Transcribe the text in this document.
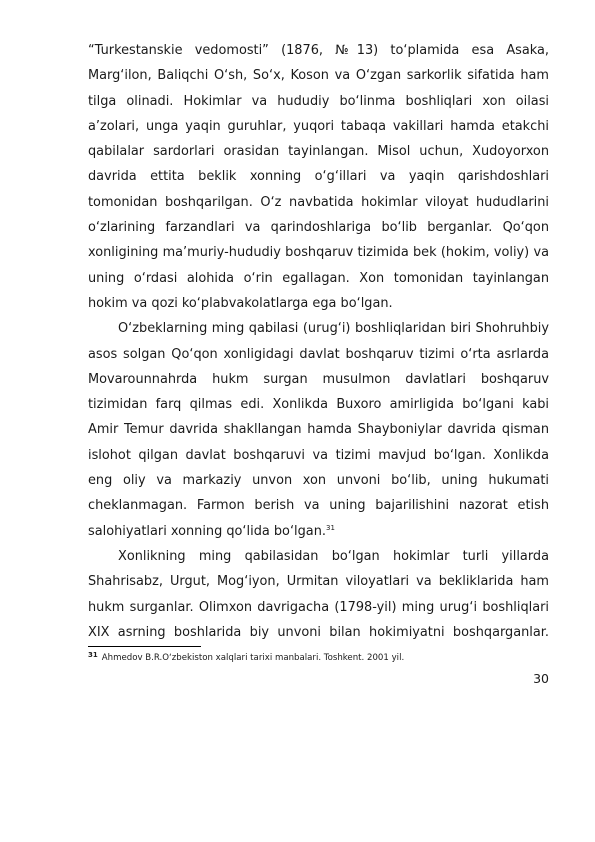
“Turkestanskie vedomosti” (1876, №13) to‘plamida esa Asaka, Marg‘ilon, Baliqchi O‘sh, So‘x, Koson va O‘zgan sarkorlik sifatida ham tilga olinadi. Hokimlar va hududiy bo‘linma boshliqlari xon oilasi a’zolari, unga yaqin guruhlar, yuqori tabaqa vakillari hamda etakchi qabilalar sardorlari orasidan tayinlangan. Misol uchun, Xudoyorxon davrida ettita beklik xonning o‘g‘illari va yaqin qarishdoshlari tomonidan boshqarilgan. O‘z navbatida hokimlar viloyat hududlarini o‘zlarining farzandlari va qarindoshlariga bo‘lib berganlar. Qo‘qon xonligining ma’muriy-hududiy boshqaruv tizimida bek (hokim, voliy) va uning o‘rdasi alohida o‘rin egallagan. Xon tomonidan tayinlangan hokim va qozi ko‘plabvakolatlarga ega bo‘lgan.

O‘zbeklarning ming qabilasi (urug‘i) boshliqlaridan biri Shohruhbiy asos solgan Qo‘qon xonligidagi davlat boshqaruv tizimi o‘rta asrlarda Movarounnahrda hukm surgan musulmon davlatlari boshqaruv tizimidan farq qilmas edi. Xonlikda Buxoro amirligida bo‘lgani kabi Amir Temur davrida shakllangan hamda Shayboniylar davrida qisman islohot qilgan davlat boshqaruvi va tizimi mavjud bo‘lgan. Xonlikda eng oliy va markaziy unvon xon unvoni bo‘lib, uning hukumati cheklanmagan. Farmon berish va uning bajarilishini nazorat etish salohiyatlari xonning qo‘lida bo‘lgan.$^{31}$

Xonlikning ming qabilasidan bo‘lgan hokimlar turli yillarda Shahrisabz, Urgut, Mog‘iyon, Urmitan viloyatlari va bekliklarida ham hukm surganlar. Olimxon davrigacha (1798-yil) ming urug‘i boshliqlari XIX asrning boshlarida biy unvoni bilan hokimiyatni boshqarganlar.

$^{31}$ Ahmedov B.R.O‘zbekiston xalqlari tarixi manbalari. Toshkent. 2001 yil.
30
